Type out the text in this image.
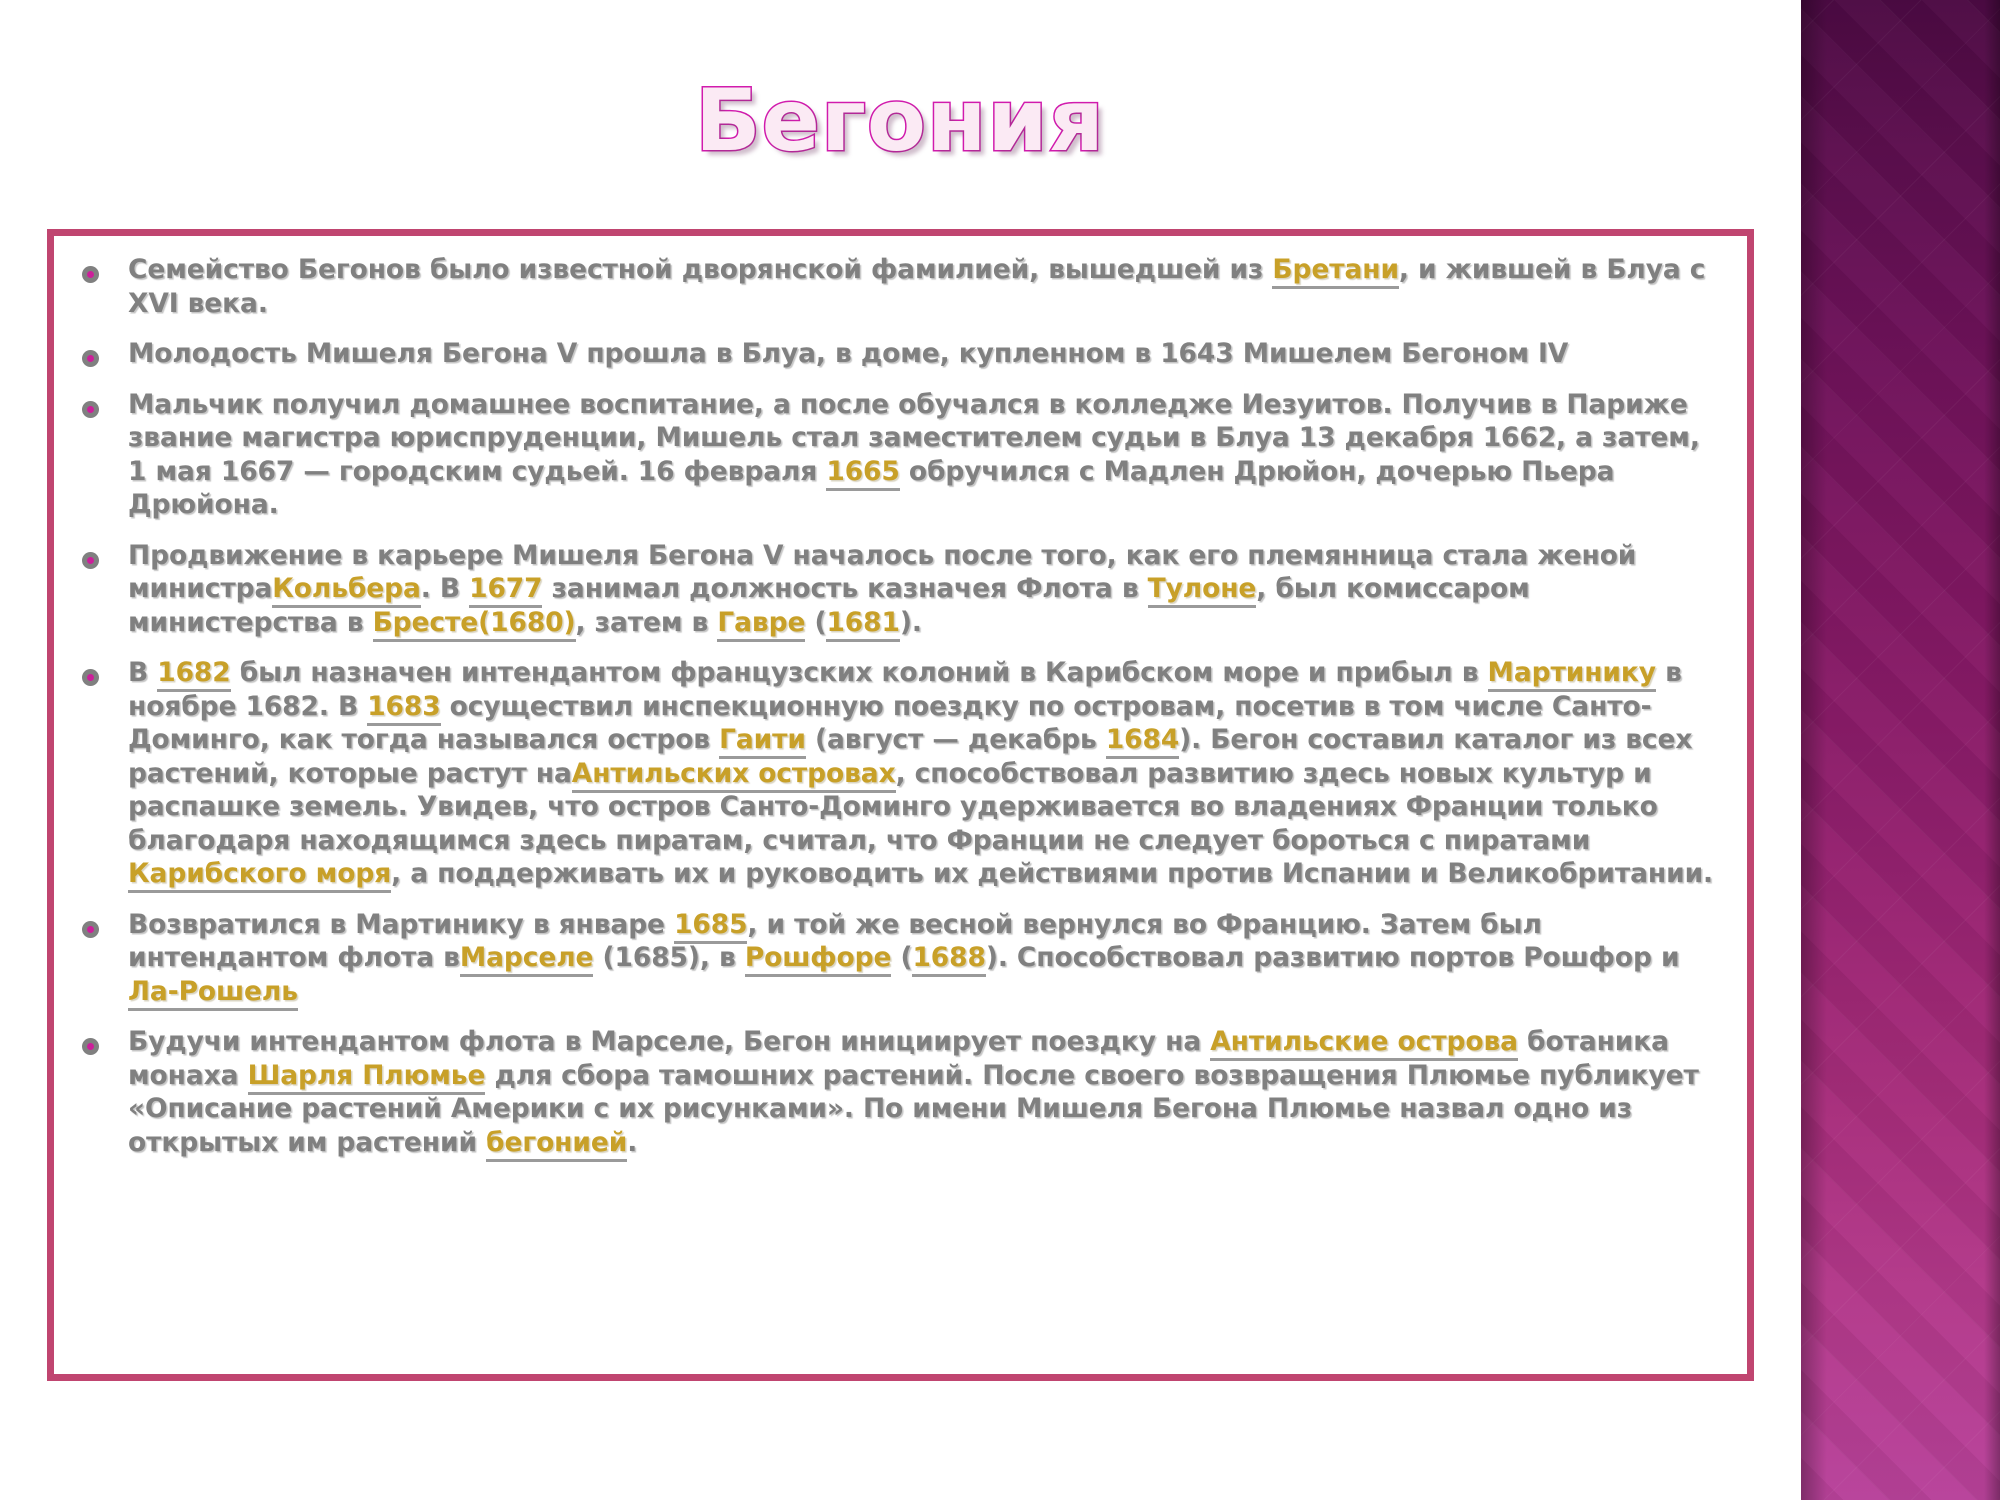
Бегония

Семейство Бегонов было известной дворянской фамилией, вышедшей из Бретани, и жившей в Блуа с XVI века.

Молодость Мишеля Бегона V прошла в Блуа, в доме, купленном в 1643 Мишелем Бегоном IV

Мальчик получил домашнее воспитание, а после обучался в колледже Иезуитов. Получив в Париже звание магистра юриспруденции, Мишель стал заместителем судьи в Блуа 13 декабря 1662, а затем, 1 мая 1667 — городским судьей. 16 февраля 1665 обручился с Мадлен Дрюйон, дочерью Пьера Дрюйона.

Продвижение в карьере Мишеля Бегона V началось после того, как его племянница стала женой министраКольбера. В 1677 занимал должность казначея Флота в Тулоне, был комиссаром министерства в Бресте(1680), затем в Гавре (1681).

В 1682 был назначен интендантом французских колоний в Карибском море и прибыл в Мартинику в ноябре 1682. В 1683 осуществил инспекционную поездку по островам, посетив в том числе Санто-Доминго, как тогда назывался остров Гаити (август — декабрь 1684). Бегон составил каталог из всех растений, которые растут наАнтильских островах, способствовал развитию здесь новых культур и распашке земель. Увидев, что остров Санто-Доминго удерживается во владениях Франции только благодаря находящимся здесь пиратам, считал, что Франции не следует бороться с пиратами Карибского моря, а поддерживать их и руководить их действиями против Испании и Великобритании.

Возвратился в Мартинику в январе 1685, и той же весной вернулся во Францию. Затем был интендантом флота вМарселе (1685), в Рошфоре (1688). Способствовал развитию портов Рошфор и Ла-Рошель

Будучи интендантом флота в Марселе, Бегон инициирует поездку на Антильские острова ботаника монаха Шарля Плюмье для сбора тамошних растений. После своего возвращения Плюмье публикует «Описание растений Америки с их рисунками». По имени Мишеля Бегона Плюмье назвал одно из открытых им растений бегонией.
